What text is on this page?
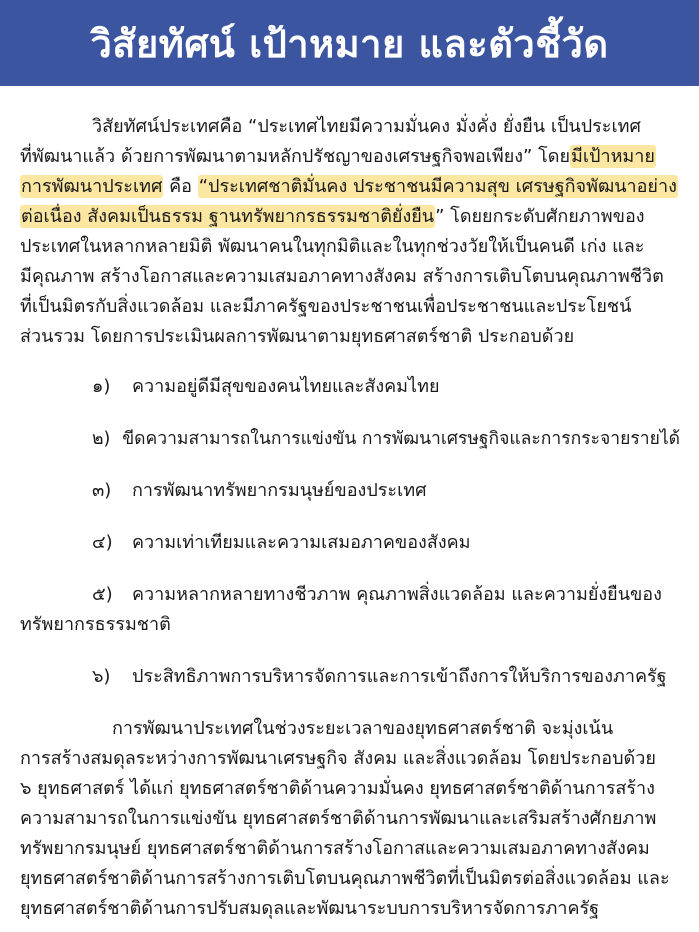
วิสัยทัศน์ เป้าหมาย และตัวชี้วัด
วิสัยทัศน์ประเทศคือ “ประเทศไทยมีความมั่นคง มั่งคั่ง ยั่งยืน เป็นประเทศ
ที่พัฒนาแล้ว ด้วยการพัฒนาตามหลักปรัชญาของเศรษฐกิจพอเพียง” โดยมีเป้าหมาย
การพัฒนาประเทศ คือ “ประเทศชาติมั่นคง ประชาชนมีความสุข เศรษฐกิจพัฒนาอย่าง
ต่อเนื่อง สังคมเป็นธรรม ฐานทรัพยากรธรรมชาติยั่งยืน” โดยยกระดับศักยภาพของ
ประเทศในหลากหลายมิติ พัฒนาคนในทุกมิติและในทุกช่วงวัยให้เป็นคนดี เก่ง และ
มีคุณภาพ สร้างโอกาสและความเสมอภาคทางสังคม สร้างการเติบโตบนคุณภาพชีวิต
ที่เป็นมิตรกับสิ่งแวดล้อม และมีภาครัฐของประชาชนเพื่อประชาชนและประโยชน์
ส่วนรวม โดยการประเมินผลการพัฒนาตามยุทธศาสตร์ชาติ ประกอบด้วย
๑)	ความอยู่ดีมีสุขของคนไทยและสังคมไทย
๒) ขีดความสามารถในการแข่งขัน การพัฒนาเศรษฐกิจและการกระจายรายได้
๓)	การพัฒนาทรัพยากรมนุษย์ของประเทศ
๔)	ความเท่าเทียมและความเสมอภาคของสังคม
๕)	ความหลากหลายทางชีวภาพ คุณภาพสิ่งแวดล้อม และความยั่งยืนของ
ทรัพยากรธรรมชาติ
๖)	ประสิทธิภาพการบริหารจัดการและการเข้าถึงการให้บริการของภาครัฐ
การพัฒนาประเทศในช่วงระยะเวลาของยุทธศาสตร์ชาติ จะมุ่งเน้น
การสร้างสมดุลระหว่างการพัฒนาเศรษฐกิจ สังคม และสิ่งแวดล้อม โดยประกอบด้วย
๖ ยุทธศาสตร์ ได้แก่ ยุทธศาสตร์ชาติด้านความมั่นคง ยุทธศาสตร์ชาติด้านการสร้าง
ความสามารถในการแข่งขัน ยุทธศาสตร์ชาติด้านการพัฒนาและเสริมสร้างศักยภาพ
ทรัพยากรมนุษย์ ยุทธศาสตร์ชาติด้านการสร้างโอกาสและความเสมอภาคทางสังคม
ยุทธศาสตร์ชาติด้านการสร้างการเติบโตบนคุณภาพชีวิตที่เป็นมิตรต่อสิ่งแวดล้อม และ
ยุทธศาสตร์ชาติด้านการปรับสมดุลและพัฒนาระบบการบริหารจัดการภาครัฐ
